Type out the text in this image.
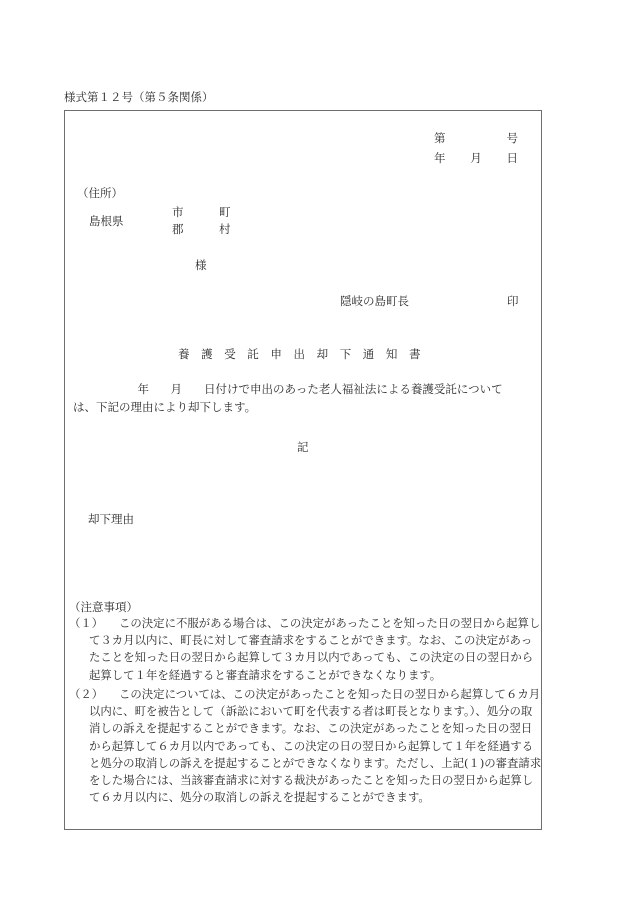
様式第１２号（第５条関係）
第	号
年 月 日
（住所）
島根県
市
郡
町
村
様
隠岐の島町長	印
養護受託申出却下通知書
年 月 日付けで申出のあった老人福祉法による養護受託について
は、下記の理由により却下します。
記
却下理由
（注意事項）
（１）	この決定に不服がある場合は、この決定があったことを知った日の翌日から起算して３カ月以内に、町長に対して審査請求をすることができます。なお、この決定があったことを知った日の翌日から起算して３カ月以内であっても、この決定の日の翌日から起算して１年を経過すると審査請求をすることができなくなります。
（２）	この決定については、この決定があったことを知った日の翌日から起算して６カ月以内に、町を被告として（訴訟において町を代表する者は町長となります。）、処分の取消しの訴えを提起することができます。なお、この決定があったことを知った日の翌日から起算して６カ月以内であっても、この決定の日の翌日から起算して１年を経過すると処分の取消しの訴えを提起することができなくなります。ただし、上記(１)の審査請求をした場合には、当該審査請求に対する裁決があったことを知った日の翌日から起算して６カ月以内に、処分の取消しの訴えを提起することができます。
